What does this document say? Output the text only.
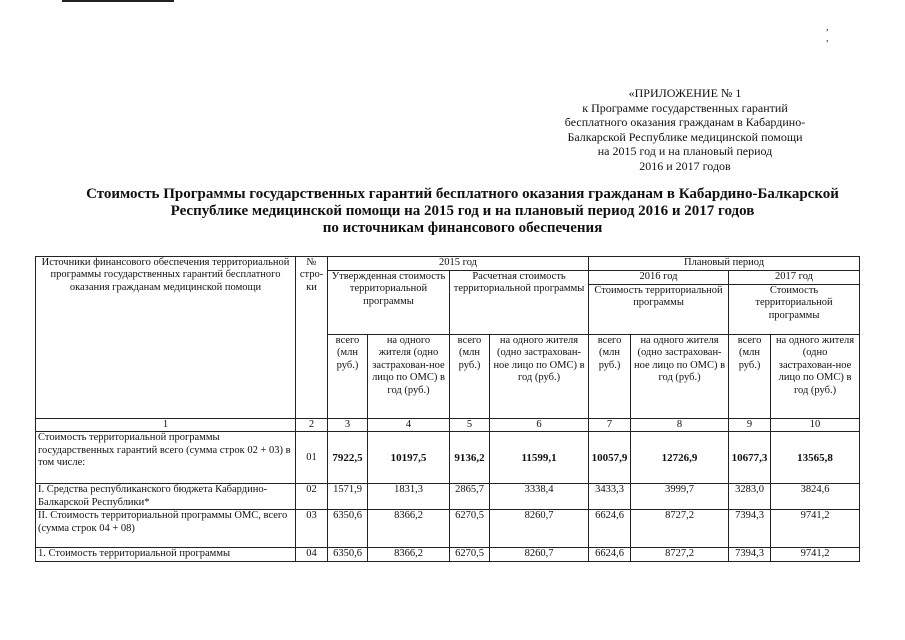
, ,
«ПРИЛОЖЕНИЕ № 1
к Программе государственных гарантий
бесплатного оказания гражданам в Кабардино-
Балкарской Республике медицинской помощи
на 2015 год и на плановый период
2016 и 2017 годов
Стоимость Программы государственных гарантий бесплатного оказания гражданам в Кабардино-Балкарской
Республике медицинской помощи на 2015 год и на плановый период 2016 и 2017 годов
по источникам финансового обеспечения
Источники финансового обеспечения территориальной программы государственных гарантий бесплатного оказания гражданам медицинской помощи	№ стро-ки	2015 год				Плановый период			
		Утвержденная стоимость территориальной программы		Расчетная стоимость территориальной программы		2016 год		2017 год	
						Стоимость территориальной программы		Стоимость территориальной программы	
		всего (млн руб.)	на одного жителя (одно застрахован-ное лицо по ОМС) в год (руб.)	всего (млн руб.)	на одного жителя (одно застрахован-ное лицо по ОМС) в год (руб.)	всего (млн руб.)	на одного жителя (одно застрахован-ное лицо по ОМС) в год (руб.)	всего (млн руб.)	на одного жителя (одно застрахован-ное лицо по ОМС) в год (руб.)
1	2	3	4	5	6	7	8	9	10
Стоимость территориальной программы государственных гарантий всего (сумма строк 02 + 03) в том числе:	01	7922,5	10197,5	9136,2	11599,1	10057,9	12726,9	10677,3	13565,8
I. Средства республиканского бюджета Кабардино-Балкарской Республики*	02	1571,9	1831,3	2865,7	3338,4	3433,3	3999,7	3283,0	3824,6
II. Стоимость территориальной программы ОМС, всего (сумма строк 04 + 08)	03	6350,6	8366,2	6270,5	8260,7	6624,6	8727,2	7394,3	9741,2
1. Стоимость территориальной программы	04	6350,6	8366,2	6270,5	8260,7	6624,6	8727,2	7394,3	9741,2
